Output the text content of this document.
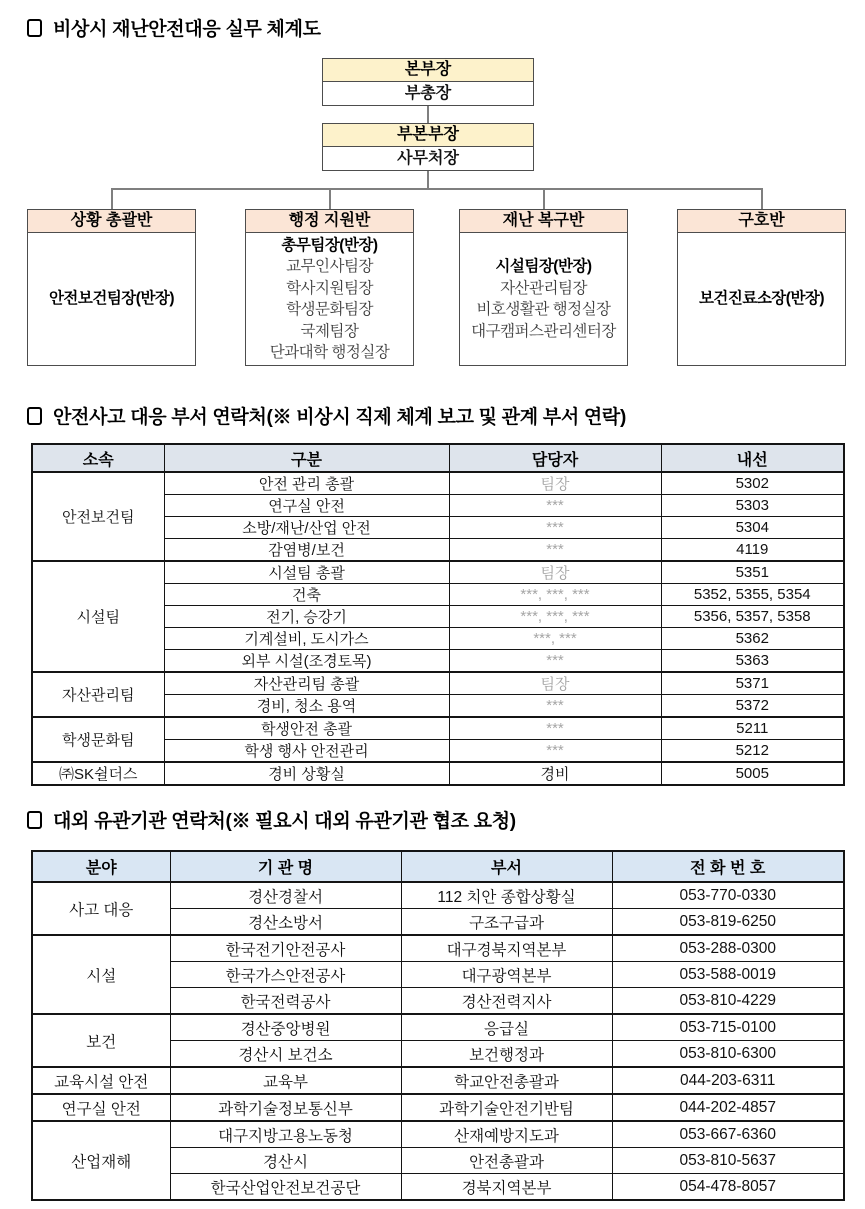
비상시 재난안전대응 실무 체계도
본부장
부총장
부본부장
사무처장
상황 총괄반
안전보건팀장(반장)
행정 지원반
총무팀장(반장)
교무인사팀장
학사지원팀장
학생문화팀장
국제팀장
단과대학 행정실장
재난 복구반
시설팀장(반장)
자산관리팀장
비호생활관 행정실장
대구캠퍼스관리센터장
구호반
보건진료소장(반장)
안전사고 대응 부서 연락처(※ 비상시 직제 체계 보고 및 관계 부서 연락)
소속	구분	담당자	내선
안전보건팀	안전 관리 총괄	팀장	5302
	연구실 안전	***	5303
	소방/재난/산업 안전	***	5304
	감염병/보건	***	4119
시설팀	시설팀 총괄	팀장	5351
	건축	***, ***, ***	5352, 5355, 5354
	전기, 승강기	***, ***, ***	5356, 5357, 5358
	기계설비, 도시가스	***, ***	5362
	외부 시설(조경토목)	***	5363
자산관리팀	자산관리팀 총괄	팀장	5371
	경비, 청소 용역	***	5372
학생문화팀	학생안전 총괄	***	5211
	학생 행사 안전관리	***	5212
㈜SK쉴더스	경비 상황실	경비	5005
대외 유관기관 연락처(※ 필요시 대외 유관기관 협조 요청)
분야	기 관 명	부서	전 화 번 호
사고 대응	경산경찰서	112 치안 종합상황실	053-770-0330
	경산소방서	구조구급과	053-819-6250
시설	한국전기안전공사	대구경북지역본부	053-288-0300
	한국가스안전공사	대구광역본부	053-588-0019
	한국전력공사	경산전력지사	053-810-4229
보건	경산중앙병원	응급실	053-715-0100
	경산시 보건소	보건행정과	053-810-6300
교육시설 안전	교육부	학교안전총괄과	044-203-6311
연구실 안전	과학기술정보통신부	과학기술안전기반팀	044-202-4857
산업재해	대구지방고용노동청	산재예방지도과	053-667-6360
	경산시	안전총괄과	053-810-5637
	한국산업안전보건공단	경북지역본부	054-478-8057
